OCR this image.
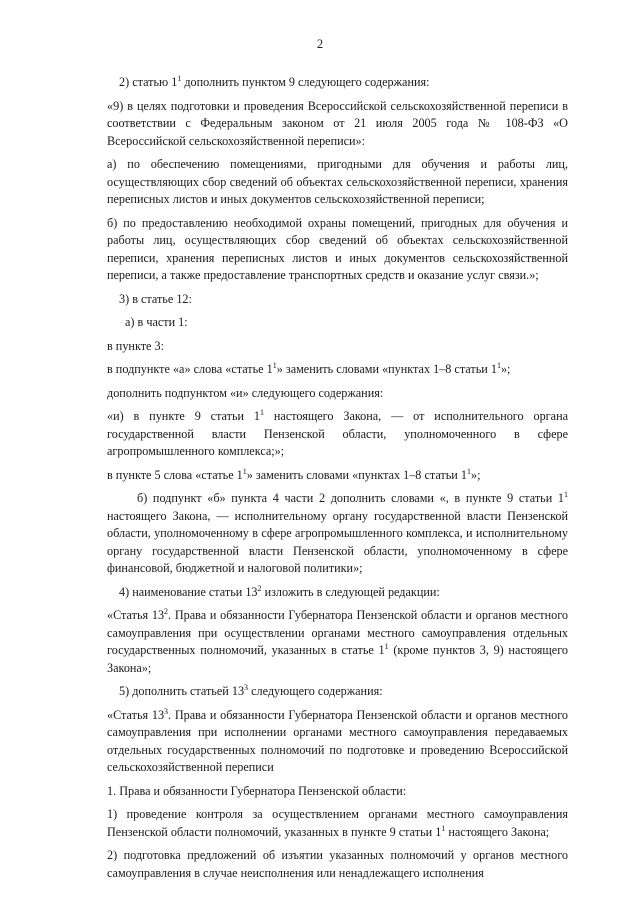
2

2) статью $1^1$ дополнить пунктом 9 следующего содержания:

«9) в целях подготовки и проведения Всероссийской сельскохозяйственной переписи в соответствии с Федеральным законом от 21 июля 2005 года № 108-ФЗ «О Всероссийской сельскохозяйственной переписи»:

а) по обеспечению помещениями, пригодными для обучения и работы лиц, осуществляющих сбор сведений об объектах сельскохозяйственной переписи, хранения переписных листов и иных документов сельскохозяйственной переписи;

б) по предоставлению необходимой охраны помещений, пригодных для обучения и работы лиц, осуществляющих сбор сведений об объектах сельскохозяйственной переписи, хранения переписных листов и иных документов сельскохозяйственной переписи, а также предоставление транспортных средств и оказание услуг связи.»;

3) в статье 12:

а) в части 1:

в пункте 3:

в подпункте «а» слова «статье $1^1$» заменить словами «пунктах 1–8 статьи $1^1$»;

дополнить подпунктом «и» следующего содержания:

«и) в пункте 9 статьи $1^1$ настоящего Закона, — от исполнительного органа государственной власти Пензенской области, уполномоченного в сфере агропромышленного комплекса;»;

в пункте 5 слова «статье $1^1$» заменить словами «пунктах 1–8 статьи $1^1$»;

б) подпункт «б» пункта 4 части 2 дополнить словами «, в пункте 9 статьи $1^1$ настоящего Закона, — исполнительному органу государственной власти Пензенской области, уполномоченному в сфере агропромышленного комплекса, и исполнительному органу государственной власти Пензенской области, уполномоченному в сфере финансовой, бюджетной и налоговой политики»;

4) наименование статьи $13^2$ изложить в следующей редакции:

«Статья $13^2$. Права и обязанности Губернатора Пензенской области и органов местного самоуправления при осуществлении органами местного самоуправления отдельных государственных полномочий, указанных в статье $1^1$ (кроме пунктов 3, 9) настоящего Закона»;

5) дополнить статьей $13^3$ следующего содержания:

«Статья $13^3$. Права и обязанности Губернатора Пензенской области и органов местного самоуправления при исполнении органами местного самоуправления передаваемых отдельных государственных полномочий по подготовке и проведению Всероссийской сельскохозяйственной переписи

1. Права и обязанности Губернатора Пензенской области:

1) проведение контроля за осуществлением органами местного самоуправления Пензенской области полномочий, указанных в пункте 9 статьи $1^1$ настоящего Закона;

2) подготовка предложений об изъятии указанных полномочий у органов местного самоуправления в случае неисполнения или ненадлежащего исполнения
